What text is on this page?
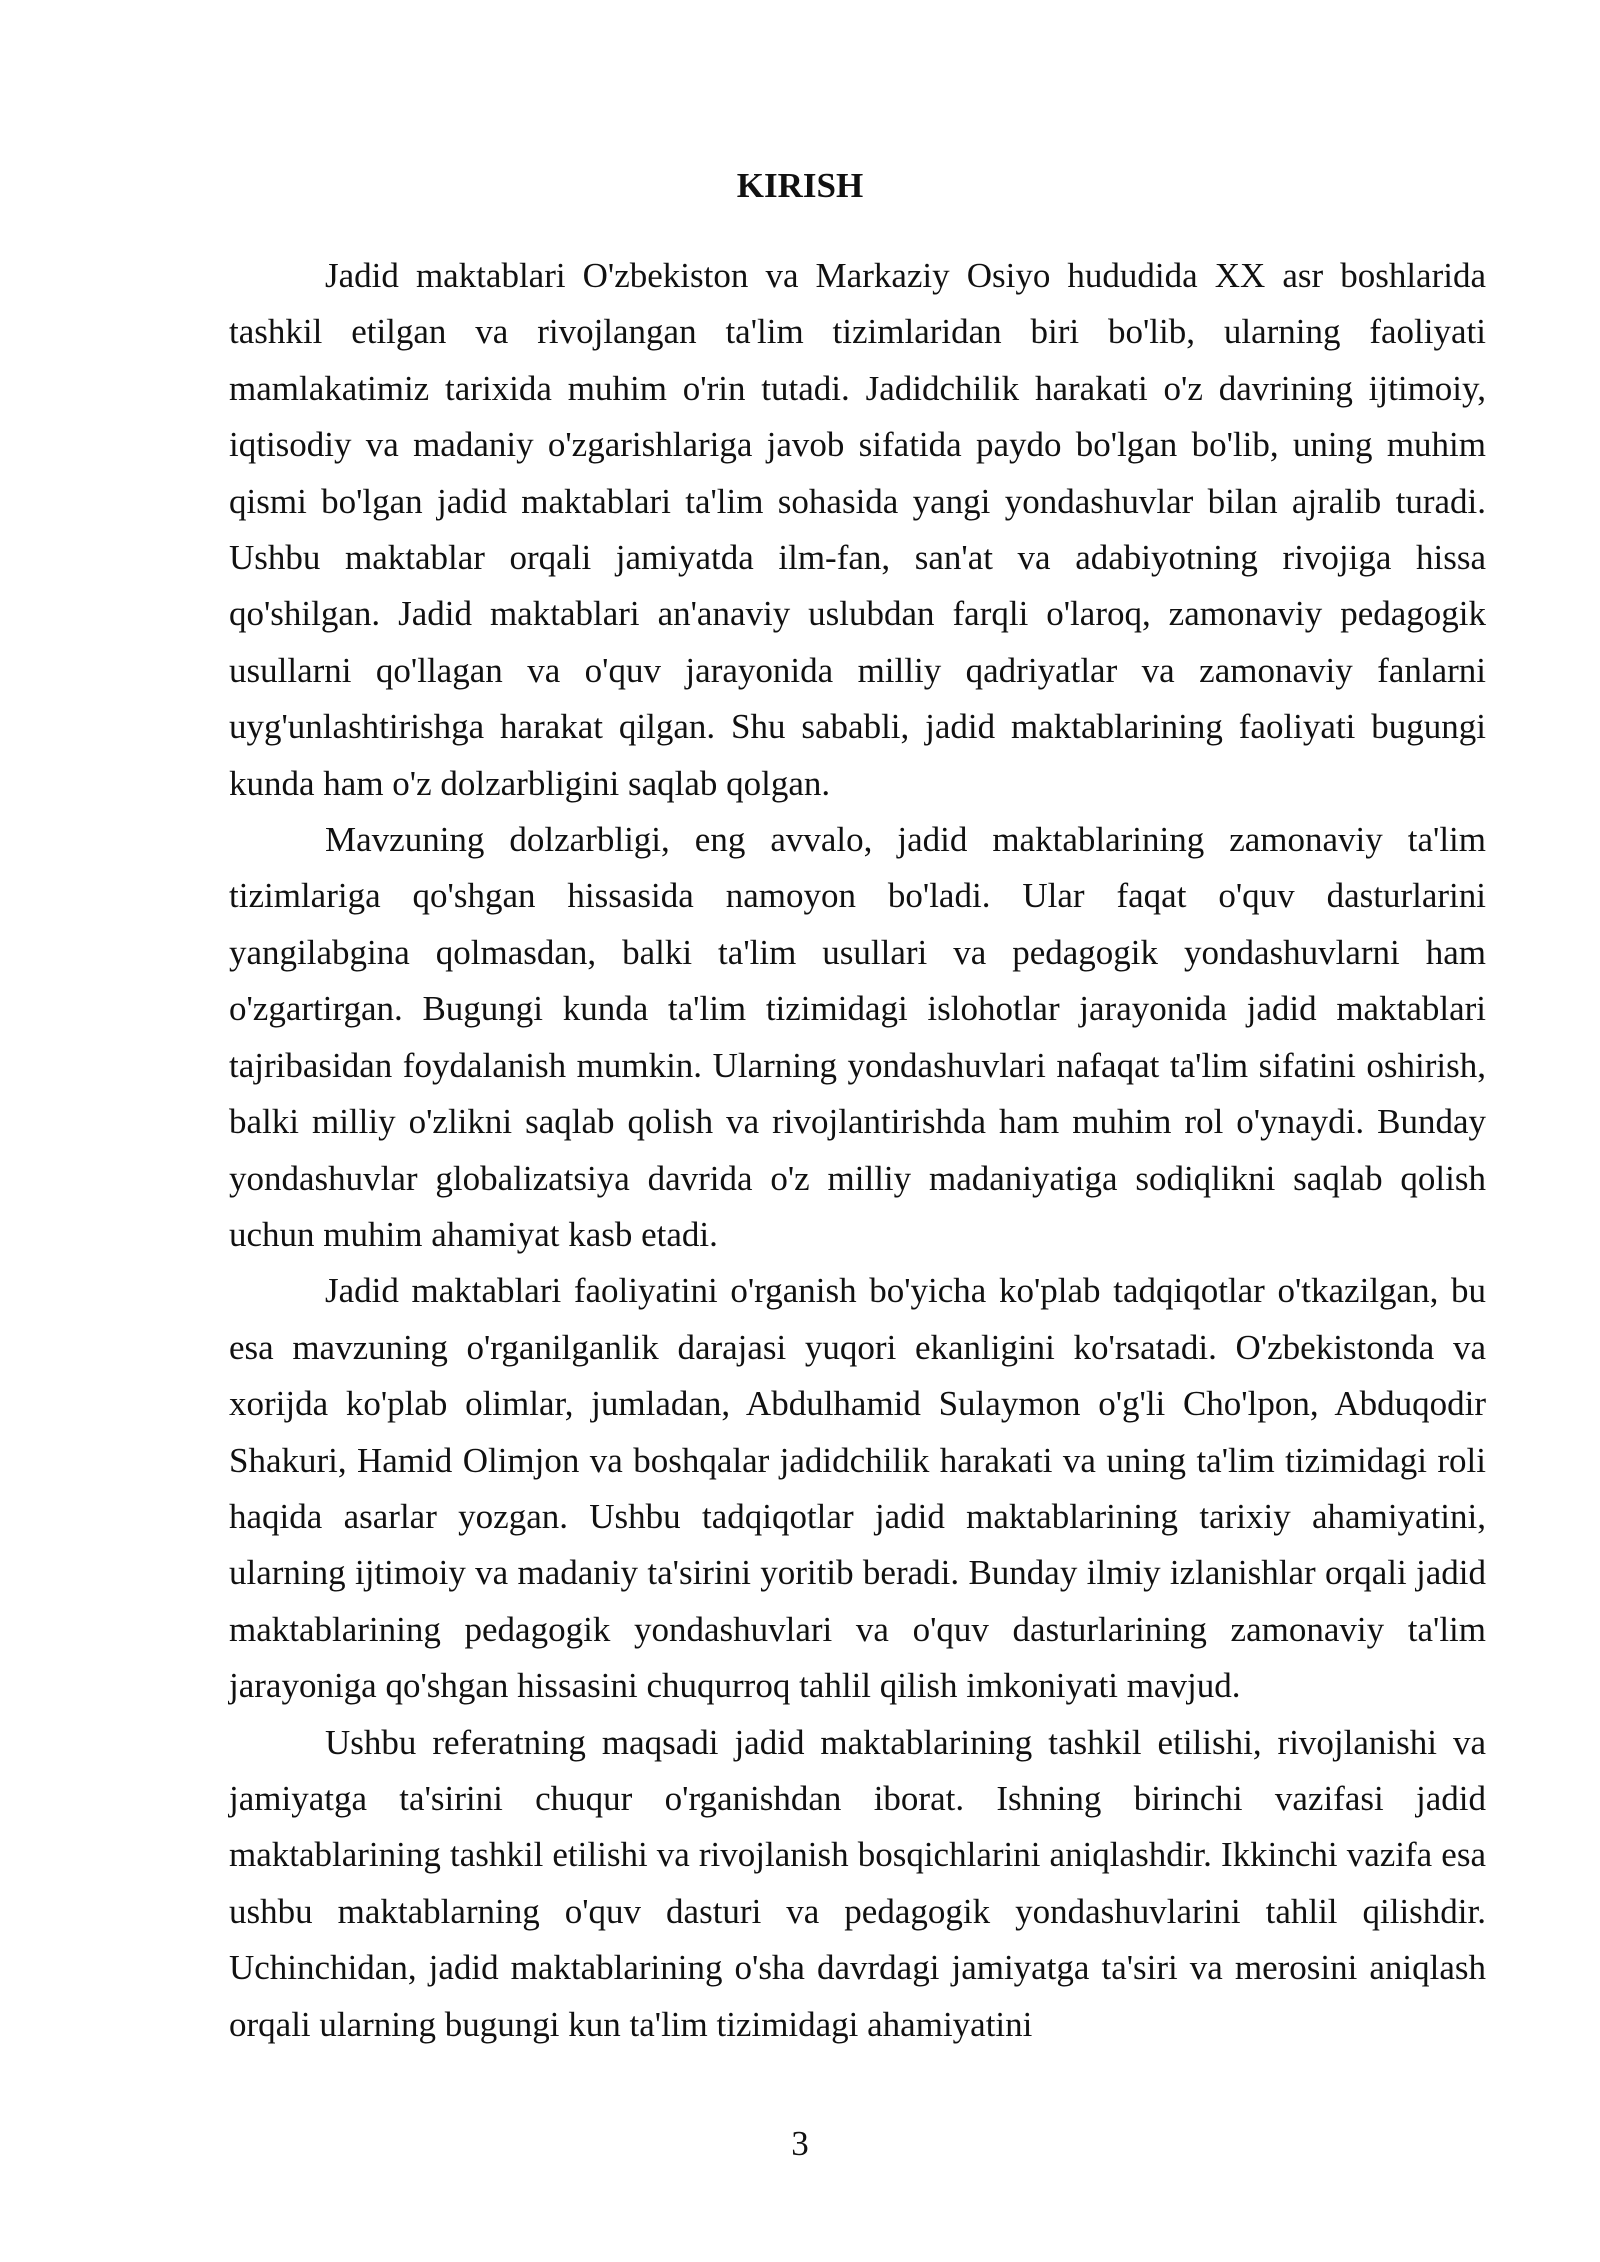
KIRISH

Jadid maktablari O'zbekiston va Markaziy Osiyo hududida XX asr boshlarida tashkil etilgan va rivojlangan ta'lim tizimlaridan biri bo'lib, ularning faoliyati mamlakatimiz tarixida muhim o'rin tutadi. Jadidchilik harakati o'z davrining ijtimoiy, iqtisodiy va madaniy o'zgarishlariga javob sifatida paydo bo'lgan bo'lib, uning muhim qismi bo'lgan jadid maktablari ta'lim sohasida yangi yondashuvlar bilan ajralib turadi. Ushbu maktablar orqali jamiyatda ilm-fan, san'at va adabiyotning rivojiga hissa qo'shilgan. Jadid maktablari an'anaviy uslubdan farqli o'laroq, zamonaviy pedagogik usullarni qo'llagan va o'quv jarayonida milliy qadriyatlar va zamonaviy fanlarni uyg'unlashtirishga harakat qilgan. Shu sababli, jadid maktablarining faoliyati bugungi kunda ham o'z dolzarbligini saqlab qolgan.

Mavzuning dolzarbligi, eng avvalo, jadid maktablarining zamonaviy ta'lim tizimlariga qo'shgan hissasida namoyon bo'ladi. Ular faqat o'quv dasturlarini yangilabgina qolmasdan, balki ta'lim usullari va pedagogik yondashuvlarni ham o'zgartirgan. Bugungi kunda ta'lim tizimidagi islohotlar jarayonida jadid maktablari tajribasidan foydalanish mumkin. Ularning yondashuvlari nafaqat ta'lim sifatini oshirish, balki milliy o'zlikni saqlab qolish va rivojlantirishda ham muhim rol o'ynaydi. Bunday yondashuvlar globalizatsiya davrida o'z milliy madaniyatiga sodiqlikni saqlab qolish uchun muhim ahamiyat kasb etadi.

Jadid maktablari faoliyatini o'rganish bo'yicha ko'plab tadqiqotlar o'tkazilgan, bu esa mavzuning o'rganilganlik darajasi yuqori ekanligini ko'rsatadi. O'zbekistonda va xorijda ko'plab olimlar, jumladan, Abdulhamid Sulaymon o'g'li Cho'lpon, Abduqodir Shakuri, Hamid Olimjon va boshqalar jadidchilik harakati va uning ta'lim tizimidagi roli haqida asarlar yozgan. Ushbu tadqiqotlar jadid maktablarining tarixiy ahamiyatini, ularning ijtimoiy va madaniy ta'sirini yoritib beradi. Bunday ilmiy izlanishlar orqali jadid maktablarining pedagogik yondashuvlari va o'quv dasturlarining zamonaviy ta'lim jarayoniga qo'shgan hissasini chuqurroq tahlil qilish imkoniyati mavjud.

Ushbu referatning maqsadi jadid maktablarining tashkil etilishi, rivojlanishi va jamiyatga ta'sirini chuqur o'rganishdan iborat. Ishning birinchi vazifasi jadid maktablarining tashkil etilishi va rivojlanish bosqichlarini aniqlashdir. Ikkinchi vazifa esa ushbu maktablarning o'quv dasturi va pedagogik yondashuvlarini tahlil qilishdir. Uchinchidan, jadid maktablarining o'sha davrdagi jamiyatga ta'siri va merosini aniqlash orqali ularning bugungi kun ta'lim tizimidagi ahamiyatini

3
